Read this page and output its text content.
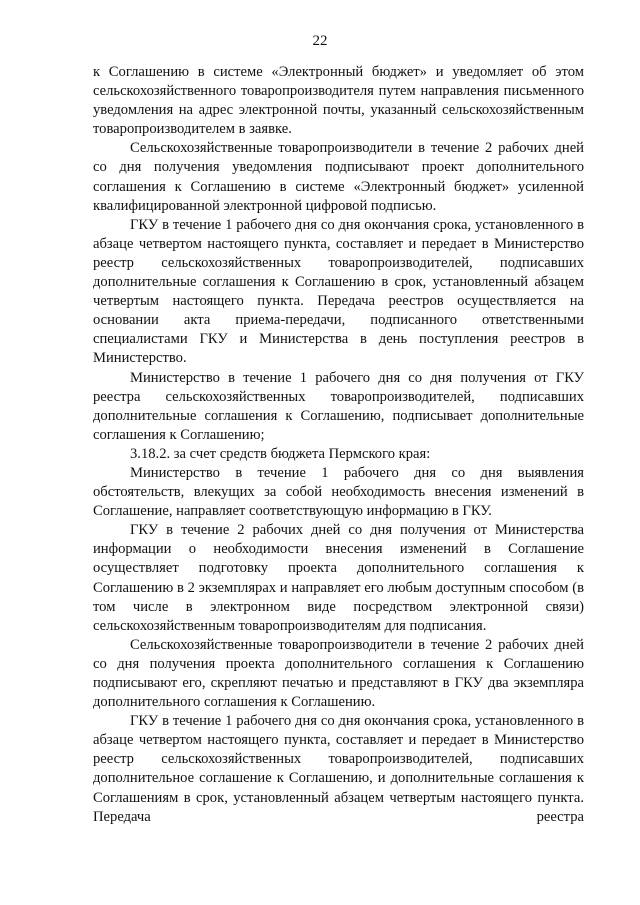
22

к Соглашению в системе «Электронный бюджет» и уведомляет об этом сельскохозяйственного товаропроизводителя путем направления письменного уведомления на адрес электронной почты, указанный сельскохозяйственным товаропроизводителем в заявке.

Сельскохозяйственные товаропроизводители в течение 2 рабочих дней со дня получения уведомления подписывают проект дополнительного соглашения к Соглашению в системе «Электронный бюджет» усиленной квалифицированной электронной цифровой подписью.

ГКУ в течение 1 рабочего дня со дня окончания срока, установленного в абзаце четвертом настоящего пункта, составляет и передает в Министерство реестр сельскохозяйственных товаропроизводителей, подписавших дополнительные соглашения к Соглашению в срок, установленный абзацем четвертым настоящего пункта. Передача реестров осуществляется на основании акта приема-передачи, подписанного ответственными специалистами ГКУ и Министерства в день поступления реестров в Министерство.

Министерство в течение 1 рабочего дня со дня получения от ГКУ реестра сельскохозяйственных товаропроизводителей, подписавших дополнительные соглашения к Соглашению, подписывает дополнительные соглашения к Соглашению;

3.18.2. за счет средств бюджета Пермского края:

Министерство в течение 1 рабочего дня со дня выявления обстоятельств, влекущих за собой необходимость внесения изменений в Соглашение, направляет соответствующую информацию в ГКУ.

ГКУ в течение 2 рабочих дней со дня получения от Министерства информации о необходимости внесения изменений в Соглашение осуществляет подготовку проекта дополнительного соглашения к Соглашению в 2 экземплярах и направляет его любым доступным способом (в том числе в электронном виде посредством электронной связи) сельскохозяйственным товаропроизводителям для подписания.

Сельскохозяйственные товаропроизводители в течение 2 рабочих дней со дня получения проекта дополнительного соглашения к Соглашению подписывают его, скрепляют печатью и представляют в ГКУ два экземпляра дополнительного соглашения к Соглашению.

ГКУ в течение 1 рабочего дня со дня окончания срока, установленного в абзаце четвертом настоящего пункта, составляет и передает в Министерство реестр сельскохозяйственных товаропроизводителей, подписавших дополнительное соглашение к Соглашению, и дополнительные соглашения к Соглашениям в срок, установленный абзацем четвертым настоящего пункта. Передача реестра
